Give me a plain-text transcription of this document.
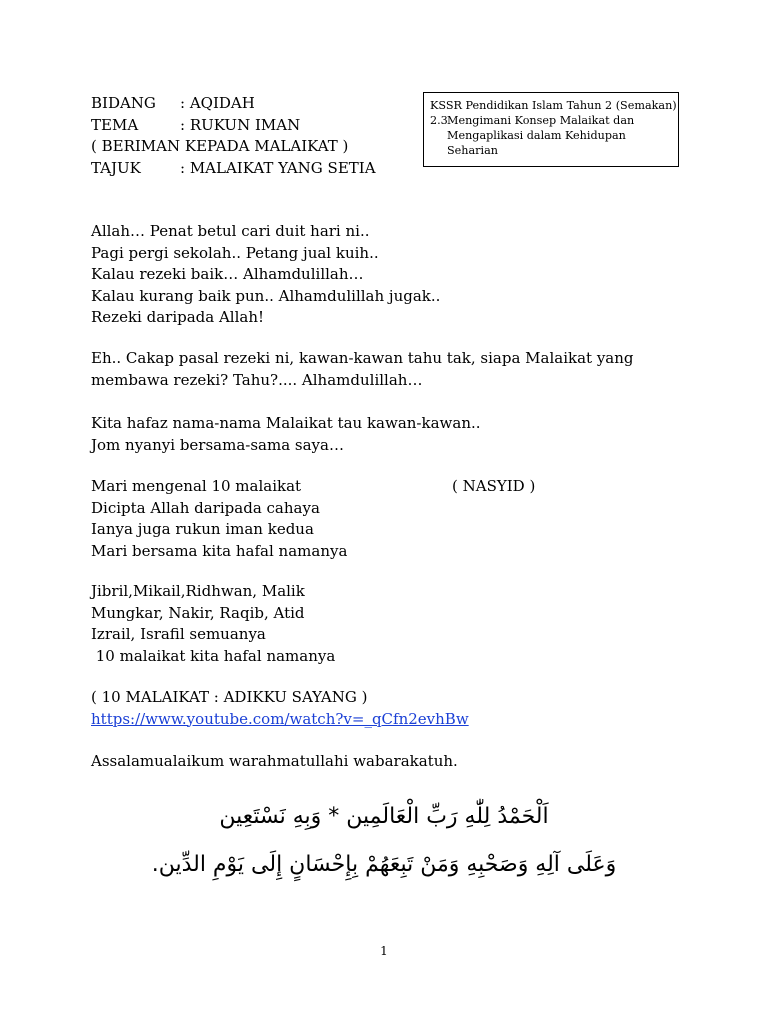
BIDANG	: AQIDAH
TEMA	: RUKUN IMAN
( BERIMAN KEPADA MALAIKAT )
TAJUK	: MALAIKAT YANG SETIA
KSSR Pendidikan Islam Tahun 2 (Semakan)
2.3 Mengimani Konsep Malaikat dan Mengaplikasi dalam Kehidupan Seharian
Allah… Penat betul cari duit hari ni..
Pagi pergi sekolah.. Petang jual kuih..
Kalau rezeki baik… Alhamdulillah…
Kalau kurang baik pun.. Alhamdulillah jugak..
Rezeki daripada Allah!
Eh.. Cakap pasal rezeki ni, kawan-kawan tahu tak, siapa Malaikat yang
membawa rezeki? Tahu?.... Alhamdulillah…
Kita hafaz nama-nama Malaikat tau kawan-kawan..
Jom nyanyi bersama-sama saya…
Mari mengenal 10 malaikat
Dicipta Allah daripada cahaya
Ianya juga rukun iman kedua
Mari bersama kita hafal namanya
( NASYID )
Jibril,Mikail,Ridhwan, Malik
Mungkar, Nakir, Raqib, Atid
Izrail, Israfil semuanya
10 malaikat kita hafal namanya
( 10 MALAIKAT : ADIKKU SAYANG )
https://www.youtube.com/watch?v=_qCfn2evhBw
Assalamualaikum warahmatullahi wabarakatuh.
اَلْحَمْدُ لِلّٰهِ رَبِّ الْعَالَمِين * وَبِهِ نَسْتَعِين
وَعَلَى آلِهِ وَصَحْبِهِ وَمَنْ تَبِعَهُمْ بِإِحْسَانٍ إِلَى يَوْمِ الدِّين.
1
